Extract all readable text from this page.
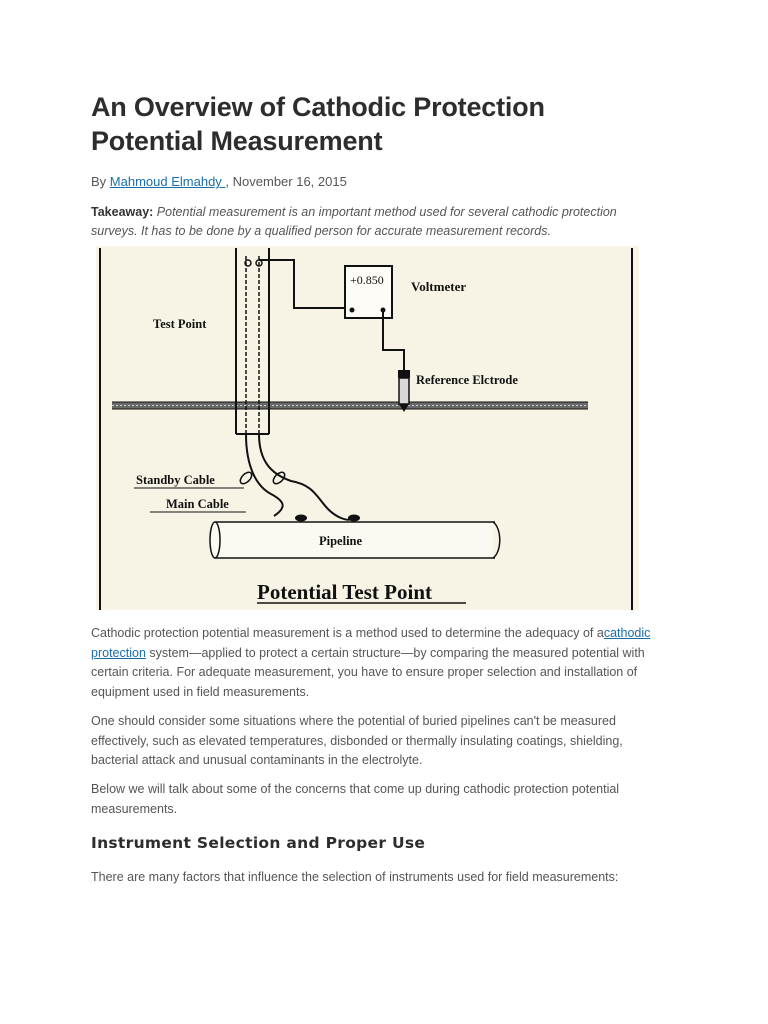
An Overview of Cathodic Protection Potential Measurement
By Mahmoud Elmahdy , November 16, 2015
Takeaway: Potential measurement is an important method used for several cathodic protection surveys. It has to be done by a qualified person for accurate measurement records.
+0.850 Voltmeter
Reference Elctrode
Test Point
Standby Cable
Main Cable
Pipeline
Potential Test Point

Cathodic protection potential measurement is a method used to determine the adequacy of acathodic protection system—applied to protect a certain structure—by comparing the measured potential with certain criteria. For adequate measurement, you have to ensure proper selection and installation of equipment used in field measurements.

One should consider some situations where the potential of buried pipelines can't be measured effectively, such as elevated temperatures, disbonded or thermally insulating coatings, shielding, bacterial attack and unusual contaminants in the electrolyte.

Below we will talk about some of the concerns that come up during cathodic protection potential measurements.

Instrument Selection and Proper Use

There are many factors that influence the selection of instruments used for field measurements:
